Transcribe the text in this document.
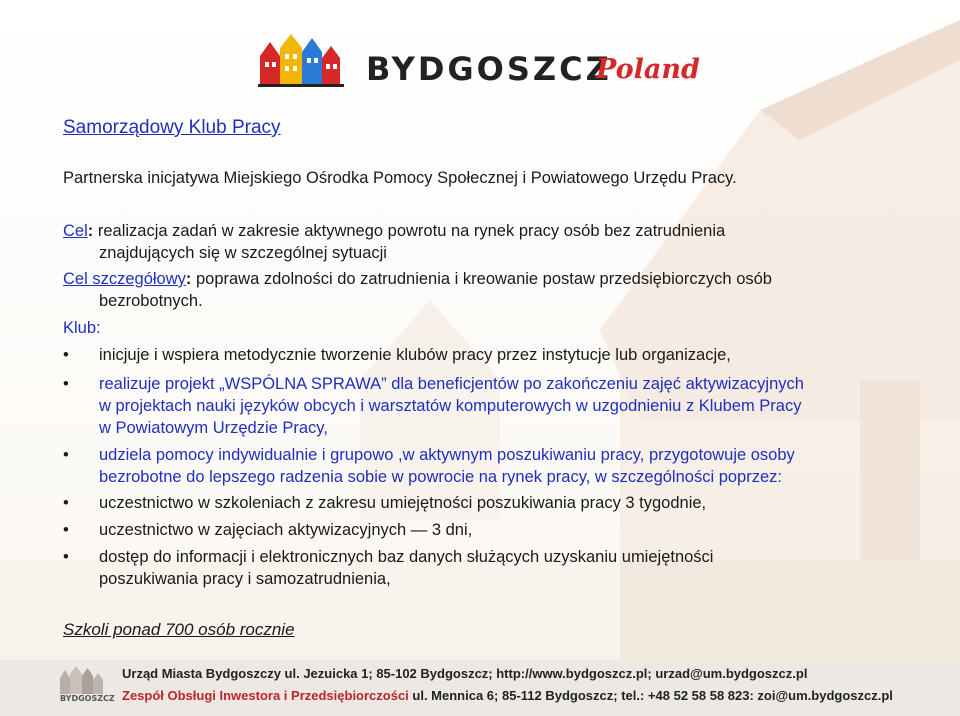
BYDGOSZCZ
Poland
Samorządowy Klub Pracy
Partnerska inicjatywa Miejskiego Ośrodka Pomocy Społecznej i Powiatowego Urzędu Pracy.
Cel: realizacja zadań w zakresie aktywnego powrotu na rynek pracy osób bez zatrudnienia
znajdujących się w szczególnej sytuacji
Cel szczegółowy: poprawa zdolności do zatrudnienia i kreowanie postaw przedsiębiorczych osób
bezrobotnych.
Klub:
• inicjuje i wspiera metodycznie tworzenie klubów pracy przez instytucje lub organizacje,
• realizuje projekt „WSPÓLNA SPRAWA” dla beneficjentów po zakończeniu zajęć aktywizacyjnych
w projektach nauki języków obcych i warsztatów komputerowych w uzgodnieniu z Klubem Pracy
w Powiatowym Urzędzie Pracy,
• udziela pomocy indywidualnie i grupowo ,w aktywnym poszukiwaniu pracy, przygotowuje osoby
bezrobotne do lepszego radzenia sobie w powrocie na rynek pracy, w szczególności poprzez:
• uczestnictwo w szkoleniach z zakresu umiejętności poszukiwania pracy 3 tygodnie,
• uczestnictwo w zajęciach aktywizacyjnych — 3 dni,
• dostęp do informacji i elektronicznych baz danych służących uzyskaniu umiejętności
poszukiwania pracy i samozatrudnienia,
Szkoli ponad 700 osób rocznie
BYDGOSZCZ
Urząd Miasta Bydgoszczy ul. Jezuicka 1; 85-102 Bydgoszcz; http://www.bydgoszcz.pl; urzad@um.bydgoszcz.pl
Zespół Obsługi Inwestora i Przedsiębiorczości ul. Mennica 6; 85-112 Bydgoszcz; tel.: +48 52 58 58 823: zoi@um.bydgoszcz.pl
